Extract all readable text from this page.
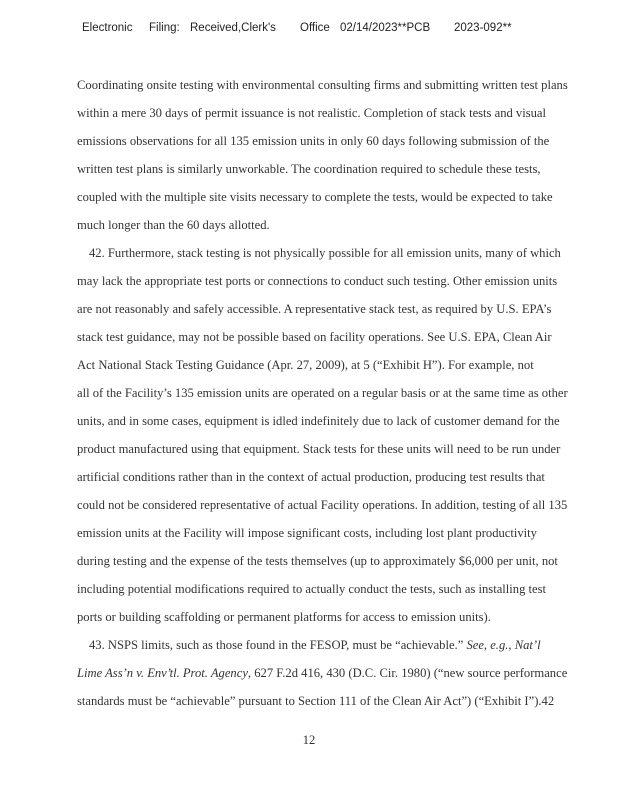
Electronic Filing: Received,Clerk's Office 02/14/2023**PCB 2023-092**
Coordinating onsite testing with environmental consulting firms and submitting written test plans
within a mere 30 days of permit issuance is not realistic. Completion of stack tests and visual
emissions observations for all 135 emission units in only 60 days following submission of the
written test plans is similarly unworkable. The coordination required to schedule these tests,
coupled with the multiple site visits necessary to complete the tests, would be expected to take
much longer than the 60 days allotted.
42. Furthermore, stack testing is not physically possible for all emission units, many of which
may lack the appropriate test ports or connections to conduct such testing. Other emission units
are not reasonably and safely accessible. A representative stack test, as required by U.S. EPA’s
stack test guidance, may not be possible based on facility operations. See U.S. EPA, Clean Air
Act National Stack Testing Guidance (Apr. 27, 2009), at 5 (“Exhibit H”). For example, not
all of the Facility’s 135 emission units are operated on a regular basis or at the same time as other
units, and in some cases, equipment is idled indefinitely due to lack of customer demand for the
product manufactured using that equipment. Stack tests for these units will need to be run under
artificial conditions rather than in the context of actual production, producing test results that
could not be considered representative of actual Facility operations. In addition, testing of all 135
emission units at the Facility will impose significant costs, including lost plant productivity
during testing and the expense of the tests themselves (up to approximately $6,000 per unit, not
including potential modifications required to actually conduct the tests, such as installing test
ports or building scaffolding or permanent platforms for access to emission units).
43. NSPS limits, such as those found in the FESOP, must be “achievable.” See, e.g., Nat’l
Lime Ass’n v. Env’tl. Prot. Agency, 627 F.2d 416, 430 (D.C. Cir. 1980) (“new source performance
standards must be “achievable” pursuant to Section 111 of the Clean Air Act”) (“Exhibit I”).42
12
